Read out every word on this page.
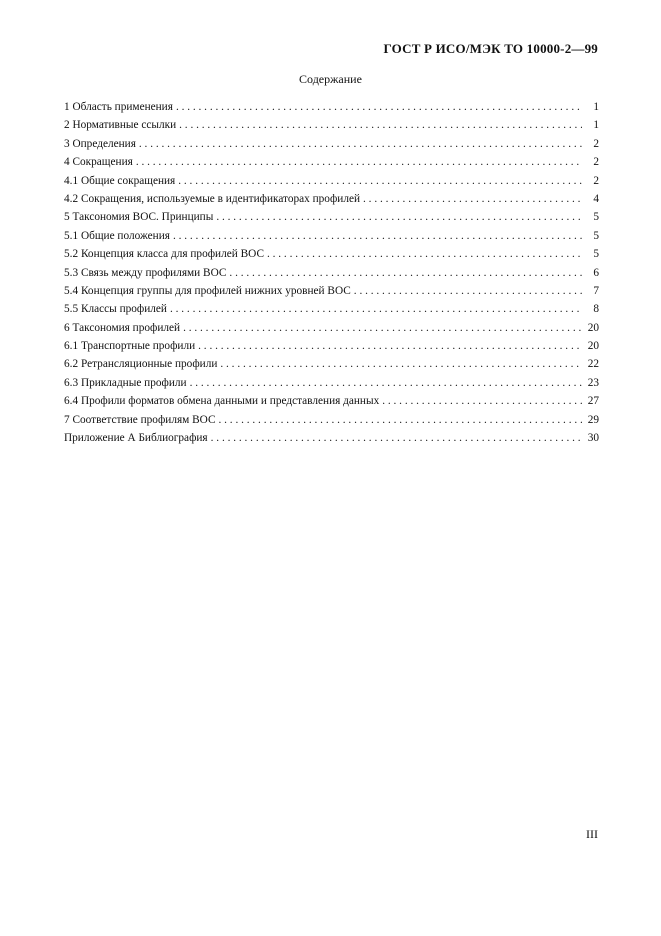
ГОСТ Р ИСО/МЭК ТО 10000-2—99
Содержание
1 Область применения . . .	1
2 Нормативные ссылки . . .	1
3 Определения . . .	2
4 Сокращения . . .	2
4.1 Общие сокращения . . .	2
4.2 Сокращения, используемые в идентификаторах профилей . . .	4
5 Таксономия ВОС. Принципы . . .	5
5.1 Общие положения . . .	5
5.2 Концепция класса для профилей ВОС . . .	5
5.3 Связь между профилями ВОС . . .	6
5.4 Концепция группы для профилей нижних уровней ВОС . . .	7
5.5 Классы профилей . . .	8
6 Таксономия профилей . . .	20
6.1 Транспортные профили . . .	20
6.2 Ретрансляционные профили . . .	22
6.3 Прикладные профили . . .	23
6.4 Профили форматов обмена данными и представления данных . . .	27
7 Соответствие профилям ВОС . . .	29
Приложение А Библиография . . .	30
III
